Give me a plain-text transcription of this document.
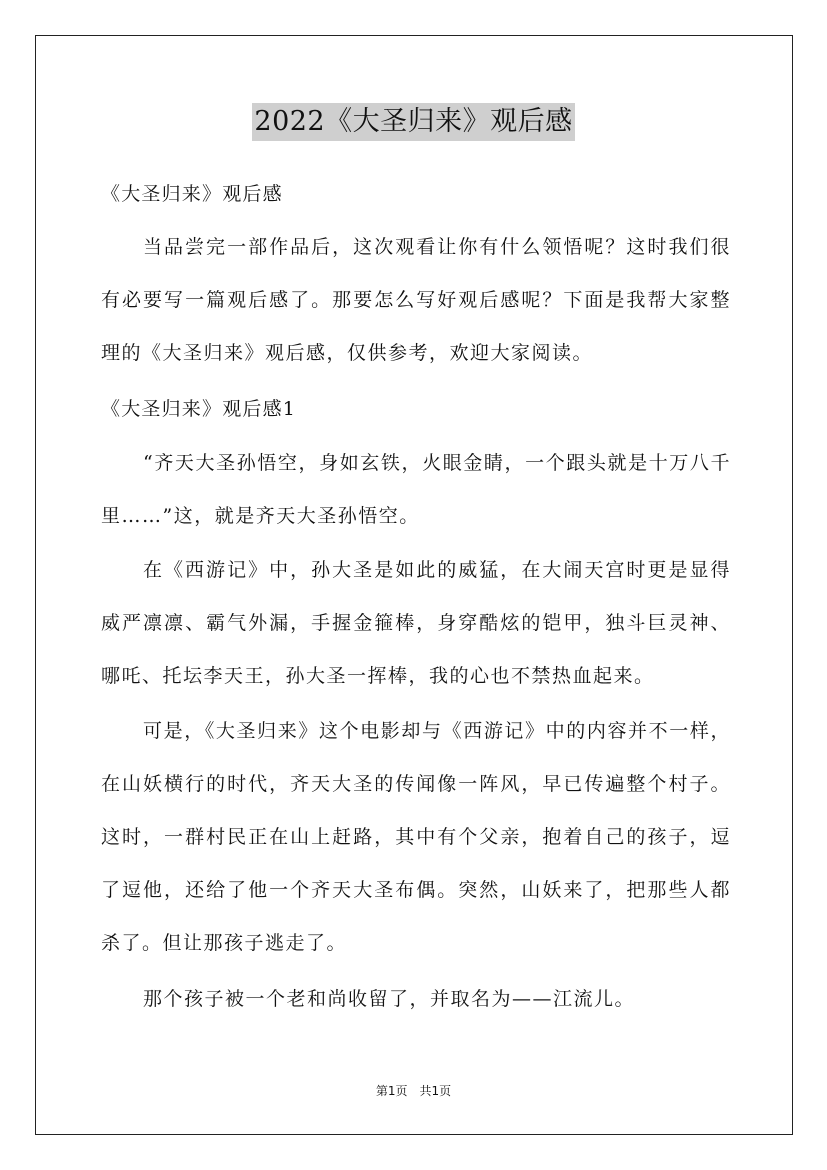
2022《大圣归来》观后感
《大圣归来》观后感

当品尝完一部作品后，这次观看让你有什么领悟呢？这时我们很有必要写一篇观后感了。那要怎么写好观后感呢？下面是我帮大家整理的《大圣归来》观后感，仅供参考，欢迎大家阅读。

《大圣归来》观后感1

“齐天大圣孙悟空，身如玄铁，火眼金睛，一个跟头就是十万八千里……”这，就是齐天大圣孙悟空。

在《西游记》中，孙大圣是如此的威猛，在大闹天宫时更是显得威严凛凛、霸气外漏，手握金箍棒，身穿酷炫的铠甲，独斗巨灵神、哪吒、托坛李天王，孙大圣一挥棒，我的心也不禁热血起来。

可是，《大圣归来》这个电影却与《西游记》中的内容并不一样，在山妖横行的时代，齐天大圣的传闻像一阵风，早已传遍整个村子。这时，一群村民正在山上赶路，其中有个父亲，抱着自己的孩子，逗了逗他，还给了他一个齐天大圣布偶。突然，山妖来了，把那些人都杀了。但让那孩子逃走了。

那个孩子被一个老和尚收留了，并取名为——江流儿。

第1页　共1页
